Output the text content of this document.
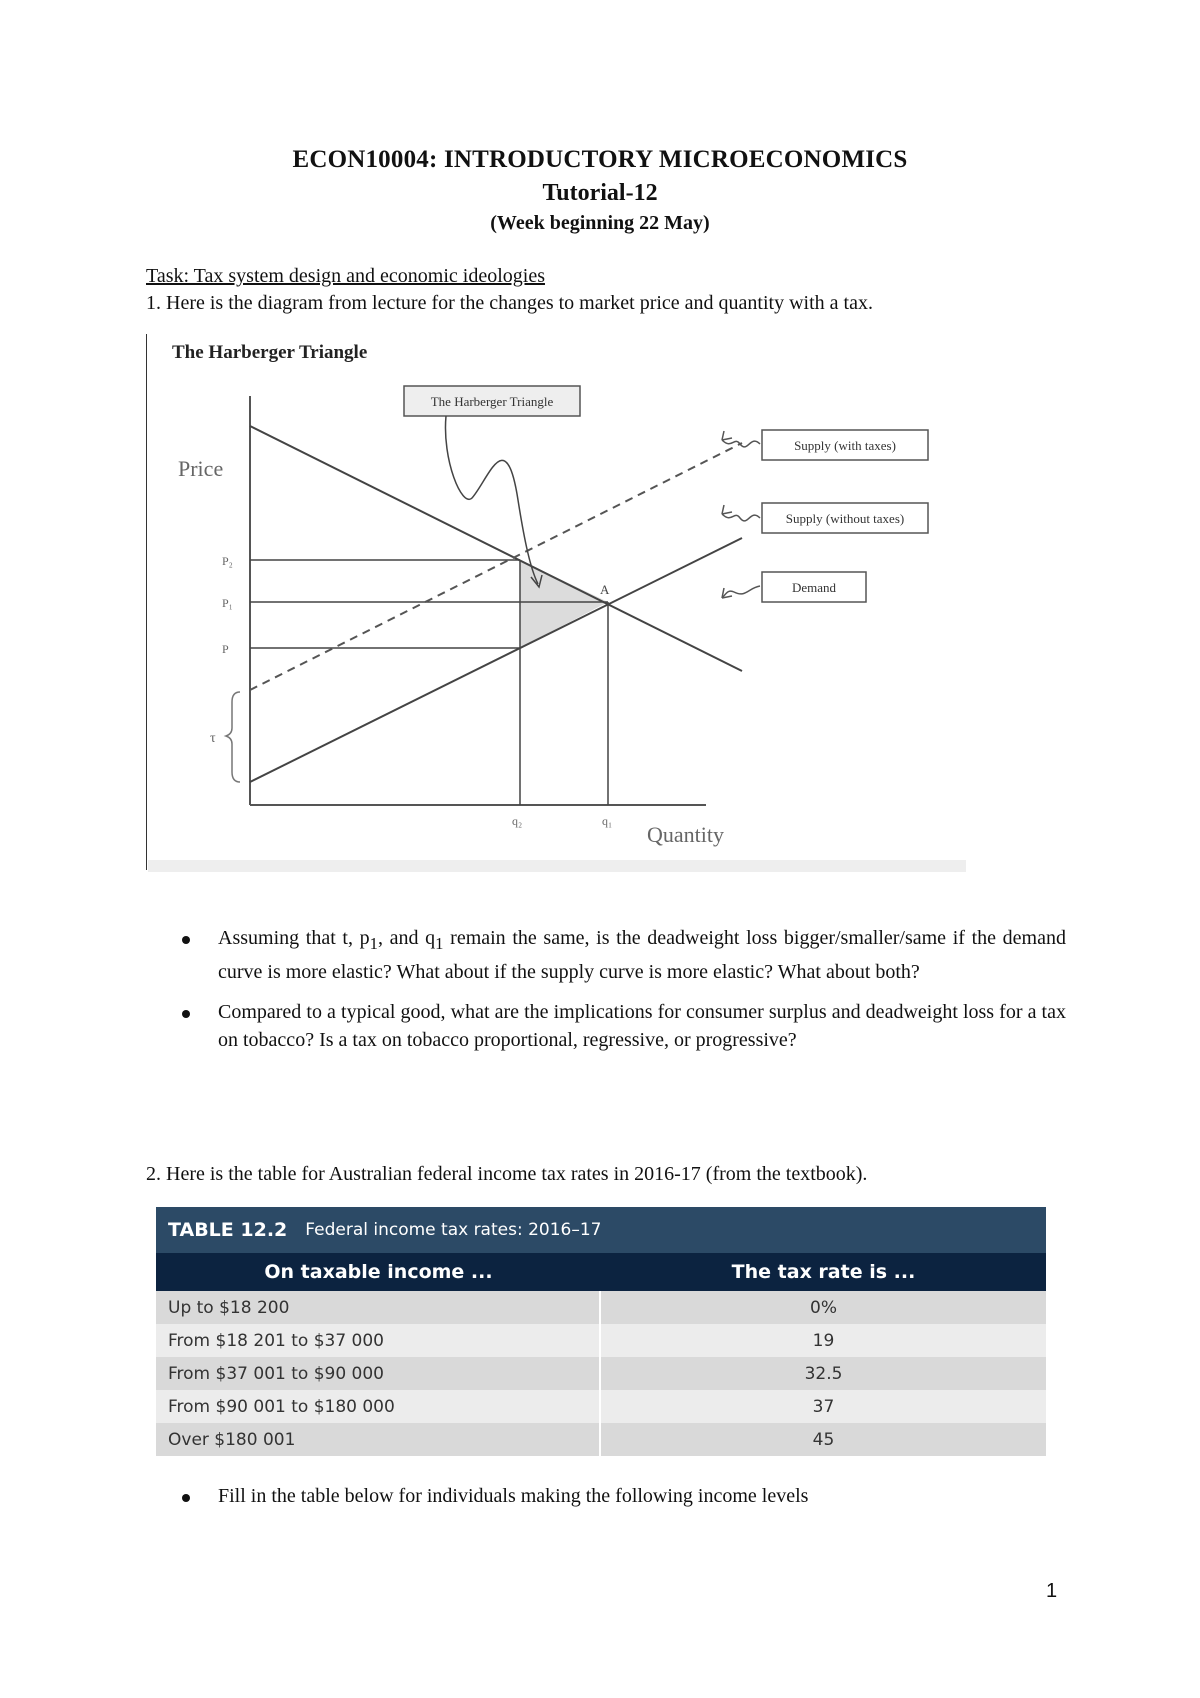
ECON10004: INTRODUCTORY MICROECONOMICS
Tutorial-12
(Week beginning 22 May)
Task: Tax system design and economic ideologies
1. Here is the diagram from lecture for the changes to market price and quantity with a tax.
The Harberger Triangle
Price
Quantity
P₂
P₁
P
q₂	q₁
A
τ
The Harberger Triangle
Supply (with taxes)
Supply (without taxes)
Demand
Assuming that t, $p_1$, and $q_1$ remain the same, is the deadweight loss bigger/smaller/same if the demand curve is more elastic? What about if the supply curve is more elastic? What about both?
Compared to a typical good, what are the implications for consumer surplus and deadweight loss for a tax on tobacco? Is a tax on tobacco proportional, regressive, or progressive?
2. Here is the table for Australian federal income tax rates in 2016-17 (from the textbook).
TABLE 12.2 Federal income tax rates: 2016–17
On taxable income ...	The tax rate is ...
Up to $18 200	0%
From $18 201 to $37 000	19
From $37 001 to $90 000	32.5
From $90 001 to $180 000	37
Over $180 001	45
Fill in the table below for individuals making the following income levels
1
